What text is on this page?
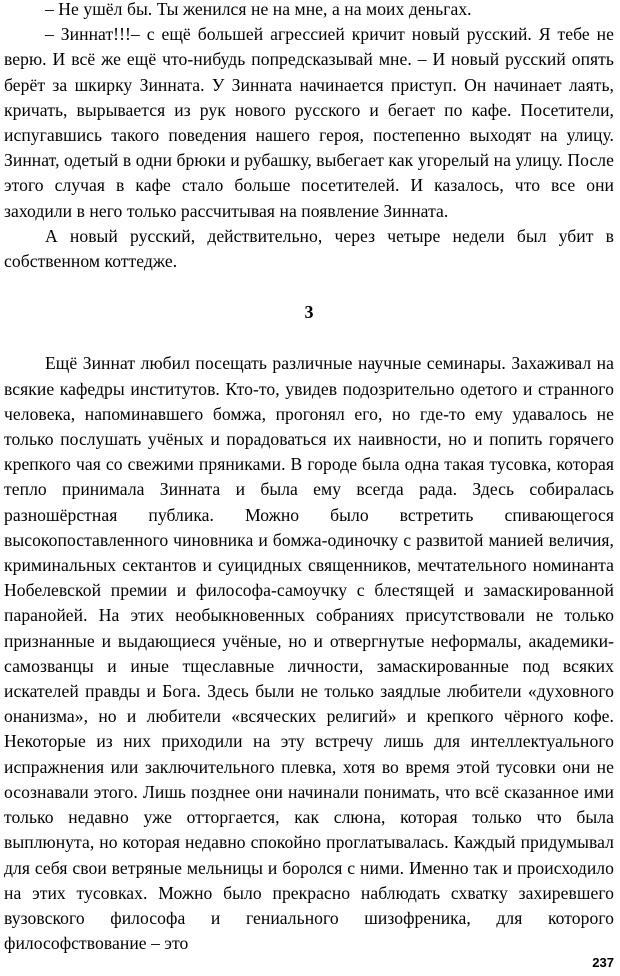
– Не ушёл бы. Ты женился не на мне, а на моих деньгах.

– Зиннат!!!– с ещё большей агрессией кричит новый русский. Я тебе не верю. И всё же ещё что-нибудь попредсказывай мне. – И новый русский опять берёт за шкирку Зинната. У Зинната начинается приступ. Он начинает лаять, кричать, вырывается из рук нового русского и бегает по кафе. Посетители, испугавшись такого поведения нашего героя, постепенно выходят на улицу. Зиннат, одетый в одни брюки и рубашку, выбегает как угорелый на улицу. После этого случая в кафе стало больше посетителей. И казалось, что все они заходили в него только рассчитывая на появление Зинната.

А новый русский, действительно, через четыре недели был убит в собственном коттедже.

3

Ещё Зиннат любил посещать различные научные семинары. Захаживал на всякие кафедры институтов. Кто-то, увидев подозрительно одетого и странного человека, напоминавшего бомжа, прогонял его, но где-то ему удавалось не только послушать учёных и порадоваться их наивности, но и попить горячего крепкого чая со свежими пряниками. В городе была одна такая тусовка, которая тепло принимала Зинната и была ему всегда рада. Здесь собиралась разношёрстная публика. Можно было встретить спивающегося высокопоставленного чиновника и бомжа-одиночку с развитой манией величия, криминальных сектантов и суицидных священников, мечтательного номинанта Нобелевской премии и философа-самоучку с блестящей и замаскированной паранойей. На этих необыкновенных собраниях присутствовали не только признанные и выдающиеся учёные, но и отвергнутые неформалы, академики-самозванцы и иные тщеславные личности, замаскированные под всяких искателей правды и Бога. Здесь были не только заядлые любители «духовного онанизма», но и любители «всяческих религий» и крепкого чёрного кофе. Некоторые из них приходили на эту встречу лишь для интеллектуального испражнения или заключительного плевка, хотя во время этой тусовки они не осознавали этого. Лишь позднее они начинали понимать, что всё сказанное ими только недавно уже отторгается, как слюна, которая только что была выплюнута, но которая недавно спокойно проглатывалась. Каждый придумывал для себя свои ветряные мельницы и боролся с ними. Именно так и происходило на этих тусовках. Можно было прекрасно наблюдать схватку захиревшего вузовского философа и гениального шизофреника, для которого философствование – это

237
